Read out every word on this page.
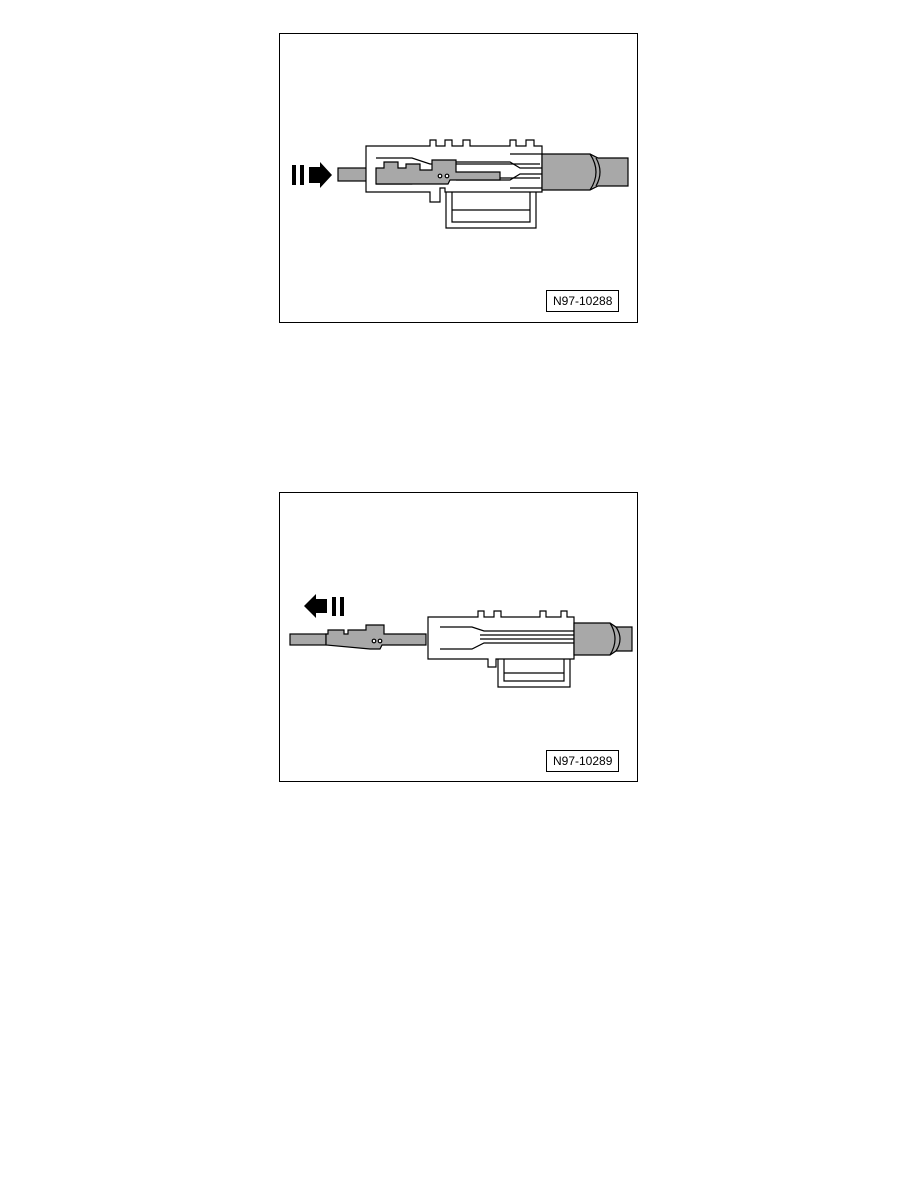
N97-10288
N97-10289
